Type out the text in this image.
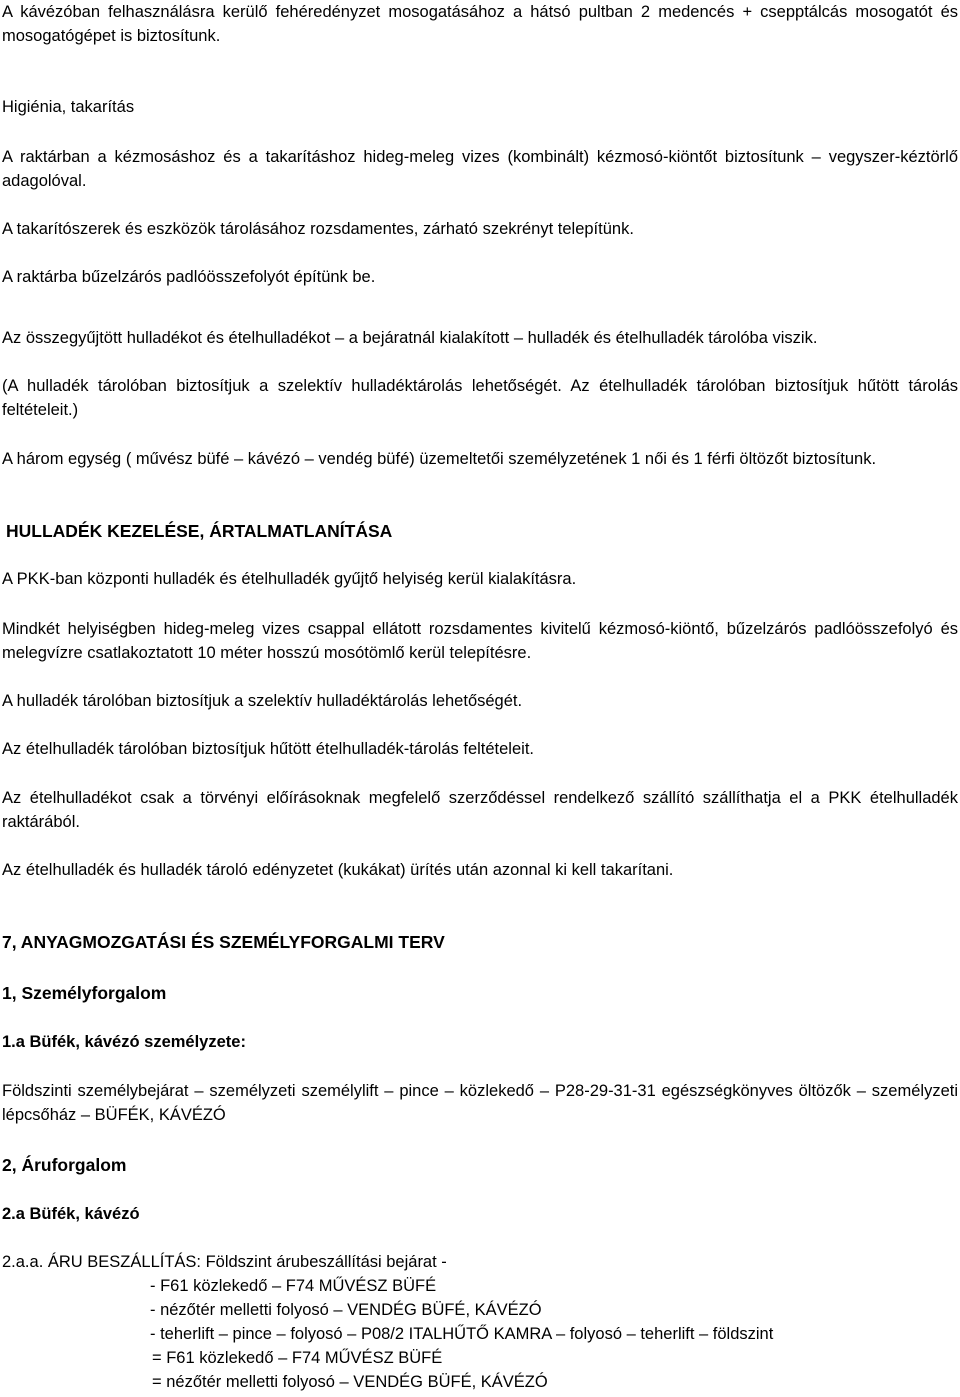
A kávézóban felhasználásra kerülő fehéredényzet mosogatásához a hátsó pultban 2 medencés + csepptálcás mosogatót és mosogatógépet is biztosítunk.

Higiénia, takarítás

A raktárban a kézmosáshoz és a takarításhoz hideg-meleg vizes (kombinált) kézmosó-kiöntőt biztosítunk – vegyszer-kéztörlő adagolóval.

A takarítószerek és eszközök tárolásához rozsdamentes, zárható szekrényt telepítünk.

A raktárba bűzelzárós padlóösszefolyót építünk be.

Az összegyűjtött hulladékot és ételhulladékot – a bejáratnál kialakított – hulladék és ételhulladék tárolóba viszik.

(A hulladék tárolóban biztosítjuk a szelektív hulladéktárolás lehetőségét. Az ételhulladék tárolóban biztosítjuk hűtött tárolás feltételeit.)

A három egység ( művész büfé – kávézó – vendég büfé) üzemeltetői személyzetének 1 női és 1 férfi öltözőt biztosítunk.

HULLADÉK KEZELÉSE, ÁRTALMATLANÍTÁSA

A PKK-ban központi hulladék és ételhulladék gyűjtő helyiség kerül kialakításra.

Mindkét helyiségben hideg-meleg vizes csappal ellátott rozsdamentes kivitelű kézmosó-kiöntő, bűzelzárós padlóösszefolyó és melegvízre csatlakoztatott 10 méter hosszú mosótömlő kerül telepítésre.

A hulladék tárolóban biztosítjuk a szelektív hulladéktárolás lehetőségét.

Az ételhulladék tárolóban biztosítjuk hűtött ételhulladék-tárolás feltételeit.

Az ételhulladékot csak a törvényi előírásoknak megfelelő szerződéssel rendelkező szállító szállíthatja el a PKK ételhulladék raktárából.

Az ételhulladék és hulladék tároló edényzetet (kukákat) ürítés után azonnal ki kell takarítani.

7, ANYAGMOZGATÁSI ÉS SZEMÉLYFORGALMI TERV

1, Személyforgalom

1.a Büfék, kávézó személyzete:

Földszinti személybejárat – személyzeti személylift – pince – közlekedő – P28-29-31-31 egészségkönyves öltözők – személyzeti lépcsőház – BÜFÉK, KÁVÉZÓ

2, Áruforgalom

2.a Büfék, kávézó

2.a.a. ÁRU BESZÁLLÍTÁS: Földszint árubeszállítási bejárat -
- F61 közlekedő – F74 MŰVÉSZ BÜFÉ
- nézőtér melletti folyosó – VENDÉG BÜFÉ, KÁVÉZÓ
- teherlift – pince – folyosó – P08/2 ITALHŰTŐ KAMRA – folyosó – teherlift – földszint
= F61 közlekedő – F74 MŰVÉSZ BÜFÉ
= nézőtér melletti folyosó – VENDÉG BÜFÉ, KÁVÉZÓ
